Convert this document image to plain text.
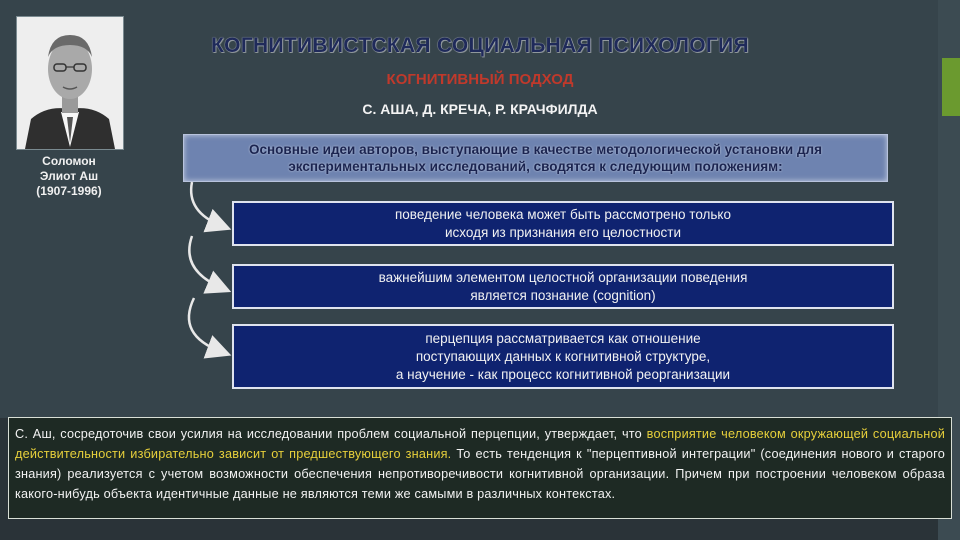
Соломон
Элиот Аш
(1907-1996)
КОГНИТИВИСТСКАЯ СОЦИАЛЬНАЯ ПСИХОЛОГИЯ
КОГНИТИВНЫЙ ПОДХОД
С. АША, Д. КРЕЧА, Р. КРАЧФИЛДА
Основные идеи авторов, выступающие в качестве методологической установки для экспериментальных исследований, сводятся к следующим положениям:
поведение человека может быть рассмотрено только
исходя из признания его целостности
важнейшим элементом целостной организации поведения
является познание (cognition)
перцепция рассматривается как отношение
поступающих данных к когнитивной структуре,
а научение - как процесс когнитивной реорганизации
С. Аш, сосредоточив свои усилия на исследовании проблем социальной перцепции, утверждает, что восприятие человеком окружающей социальной действительности избирательно зависит от предшествующего знания. То есть тенденция к "перцептивной интеграции" (соединения нового и старого знания) реализуется с учетом возможности обеспечения непротиворечивости когнитивной организации. Причем при построении человеком образа какого-нибудь объекта идентичные данные не являются теми же самыми в различных контекстах.
